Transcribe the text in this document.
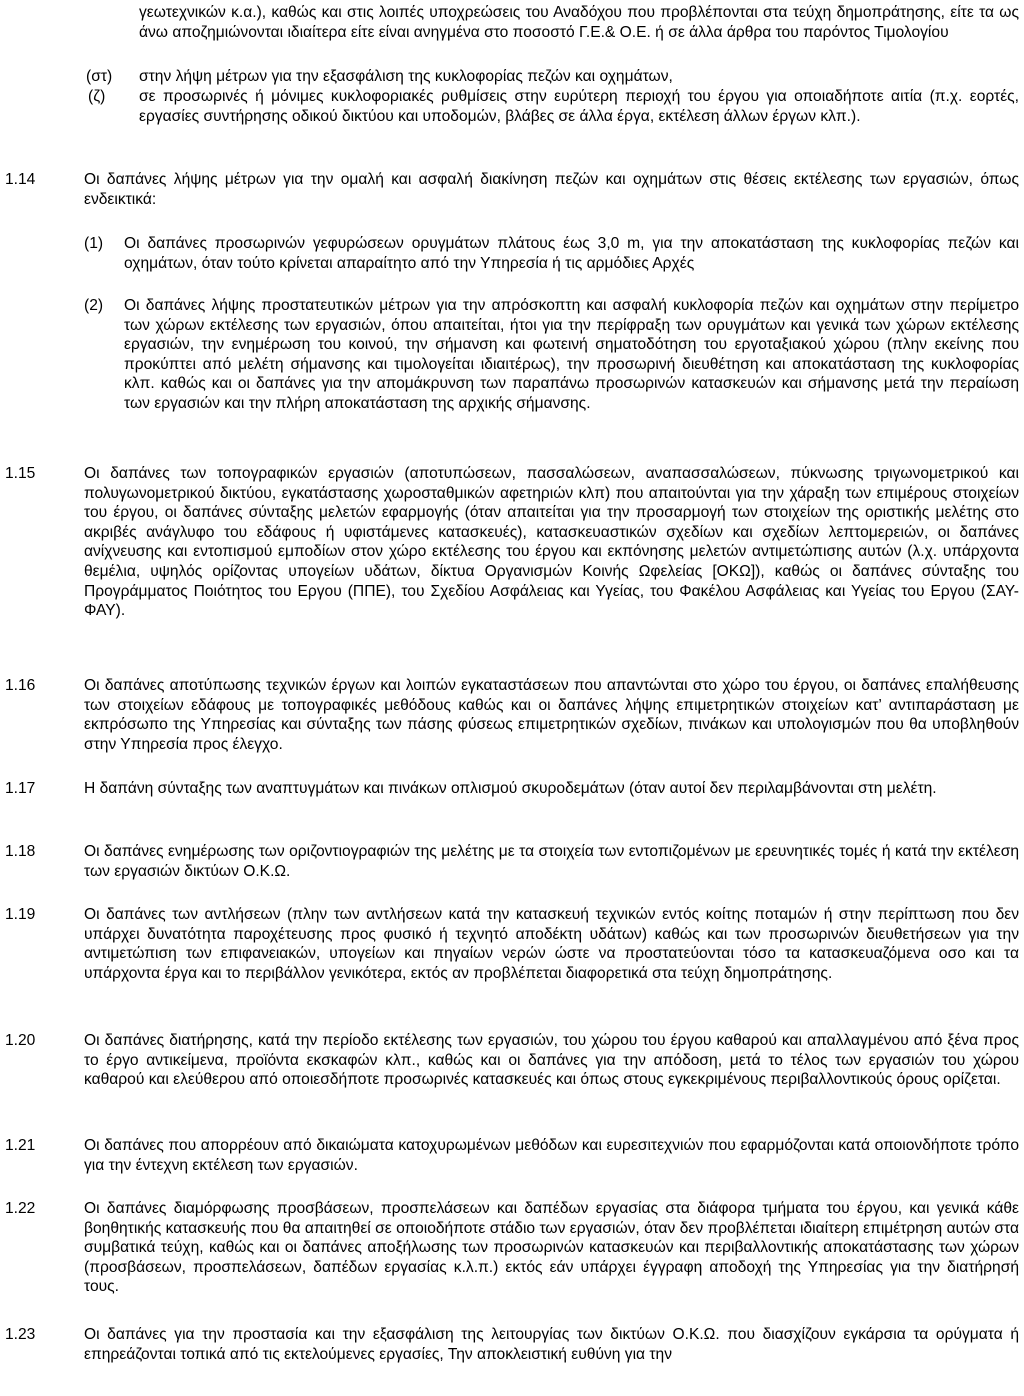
γεωτεχνικών κ.α.), καθώς και στις λοιπές υποχρεώσεις του Αναδόχου που προβλέπονται στα τεύχη δημοπράτησης, είτε τα ως άνω αποζημιώνονται ιδιαίτερα είτε είναι ανηγμένα στο ποσοστό Γ.Ε.& Ο.Ε. ή σε άλλα άρθρα του παρόντος Τιμολογίου

(στ) στην λήψη μέτρων για την εξασφάλιση της κυκλοφορίας πεζών και οχημάτων,

(ζ) σε προσωρινές ή μόνιμες κυκλοφοριακές ρυθμίσεις στην ευρύτερη περιοχή του έργου για οποιαδήποτε αιτία (π.χ. εορτές, εργασίες συντήρησης οδικού δικτύου και υποδομών, βλάβες σε άλλα έργα, εκτέλεση άλλων έργων κλπ.).

1.14	Οι δαπάνες λήψης μέτρων για την ομαλή και ασφαλή διακίνηση πεζών και οχημάτων στις θέσεις εκτέλεσης των εργασιών, όπως ενδεικτικά:

(1) Οι δαπάνες προσωρινών γεφυρώσεων ορυγμάτων πλάτους έως 3,0 m, για την αποκατάσταση της κυκλοφορίας πεζών και οχημάτων, όταν τούτο κρίνεται απαραίτητο από την Υπηρεσία ή τις αρμόδιες Αρχές

(2) Οι δαπάνες λήψης προστατευτικών μέτρων για την απρόσκοπτη και ασφαλή κυκλοφορία πεζών και οχημάτων στην περίμετρο των χώρων εκτέλεσης των εργασιών, όπου απαιτείται, ήτοι για την περίφραξη των ορυγμάτων και γενικά των χώρων εκτέλεσης εργασιών, την ενημέρωση του κοινού, την σήμανση και φωτεινή σηματοδότηση του εργοταξιακού χώρου (πλην εκείνης που προκύπτει από μελέτη σήμανσης και τιμολογείται ιδιαιτέρως), την προσωρινή διευθέτηση και αποκατάσταση της κυκλοφορίας κλπ. καθώς και οι δαπάνες για την απομάκρυνση των παραπάνω προσωρινών κατασκευών και σήμανσης μετά την περαίωση των εργασιών και την πλήρη αποκατάσταση της αρχικής σήμανσης.

1.15	Οι δαπάνες των τοπογραφικών εργασιών (αποτυπώσεων, πασσαλώσεων, αναπασσαλώσεων, πύκνωσης τριγωνομετρικού και πολυγωνομετρικού δικτύου, εγκατάστασης χωροσταθμικών αφετηριών κλπ) που απαιτούνται για την χάραξη των επιμέρους στοιχείων του έργου, οι δαπάνες σύνταξης μελετών εφαρμογής (όταν απαιτείται για την προσαρμογή των στοιχείων της οριστικής μελέτης στο ακριβές ανάγλυφο του εδάφους ή υφιστάμενες κατασκευές), κατασκευαστικών σχεδίων και σχεδίων λεπτομερειών, οι δαπάνες ανίχνευσης και εντοπισμού εμποδίων στον χώρο εκτέλεσης του έργου και εκπόνησης μελετών αντιμετώπισης αυτών (λ.χ. υπάρχοντα θεμέλια, υψηλός ορίζοντας υπογείων υδάτων, δίκτυα Οργανισμών Κοινής Ωφελείας [ΟΚΩ]), καθώς οι δαπάνες σύνταξης του Προγράμματος Ποιότητος του Εργου (ΠΠΕ), του Σχεδίου Ασφάλειας και Υγείας, του Φακέλου Ασφάλειας και Υγείας του Εργου (ΣΑΥ-ΦΑΥ).

1.16	Οι δαπάνες αποτύπωσης τεχνικών έργων και λοιπών εγκαταστάσεων που απαντώνται στο χώρο του έργου, οι δαπάνες επαλήθευσης των στοιχείων εδάφους με τοπογραφικές μεθόδους καθώς και οι δαπάνες λήψης επιμετρητικών στοιχείων κατ’ αντιπαράσταση με εκπρόσωπο της Υπηρεσίας και σύνταξης των πάσης φύσεως επιμετρητικών σχεδίων, πινάκων και υπολογισμών που θα υποβληθούν στην Υπηρεσία προς έλεγχο.

1.17	Η δαπάνη σύνταξης των αναπτυγμάτων και πινάκων οπλισμού σκυροδεμάτων (όταν αυτοί δεν περιλαμβάνονται στη μελέτη.

1.18	Οι δαπάνες ενημέρωσης των οριζοντιογραφιών της μελέτης με τα στοιχεία των εντοπιζομένων με ερευνητικές τομές ή κατά την εκτέλεση των εργασιών δικτύων Ο.Κ.Ω.

1.19	Οι δαπάνες των αντλήσεων (πλην των αντλήσεων κατά την κατασκευή τεχνικών εντός κοίτης ποταμών ή στην περίπτωση που δεν υπάρχει δυνατότητα παροχέτευσης προς φυσικό ή τεχνητό αποδέκτη υδάτων) καθώς και των προσωρινών διευθετήσεων για την αντιμετώπιση των επιφανειακών, υπογείων και πηγαίων νερών ώστε να προστατεύονται τόσο τα κατασκευαζόμενα οσο και τα υπάρχοντα έργα και το περιβάλλον γενικότερα, εκτός αν προβλέπεται διαφορετικά στα τεύχη δημοπράτησης.

1.20	Οι δαπάνες διατήρησης, κατά την περίοδο εκτέλεσης των εργασιών, του χώρου του έργου καθαρού και απαλλαγμένου από ξένα προς το έργο αντικείμενα, προϊόντα εκσκαφών κλπ., καθώς και οι δαπάνες για την απόδοση, μετά το τέλος των εργασιών του χώρου καθαρού και ελεύθερου από οποιεσδήποτε προσωρινές κατασκευές και όπως στους εγκεκριμένους περιβαλλοντικούς όρους ορίζεται.

1.21	Οι δαπάνες που απορρέουν από δικαιώματα κατοχυρωμένων μεθόδων και ευρεσιτεχνιών που εφαρμόζονται κατά οποιονδήποτε τρόπο για την έντεχνη εκτέλεση των εργασιών.

1.22	Οι δαπάνες διαμόρφωσης προσβάσεων, προσπελάσεων και δαπέδων εργασίας στα διάφορα τμήματα του έργου, και γενικά κάθε βοηθητικής κατασκευής που θα απαιτηθεί σε οποιοδήποτε στάδιο των εργασιών, όταν δεν προβλέπεται ιδιαίτερη επιμέτρηση αυτών στα συμβατικά τεύχη, καθώς και οι δαπάνες αποξήλωσης των προσωρινών κατασκευών και περιβαλλοντικής αποκατάστασης των χώρων (προσβάσεων, προσπελάσεων, δαπέδων εργασίας κ.λ.π.) εκτός εάν υπάρχει έγγραφη αποδοχή της Υπηρεσίας για την διατήρησή τους.

1.23	Οι δαπάνες για την προστασία και την εξασφάλιση της λειτουργίας των δικτύων Ο.Κ.Ω. που διασχίζουν εγκάρσια τα ορύγματα ή επηρεάζονται τοπικά από τις εκτελούμενες εργασίες, Την αποκλειστική ευθύνη για την
